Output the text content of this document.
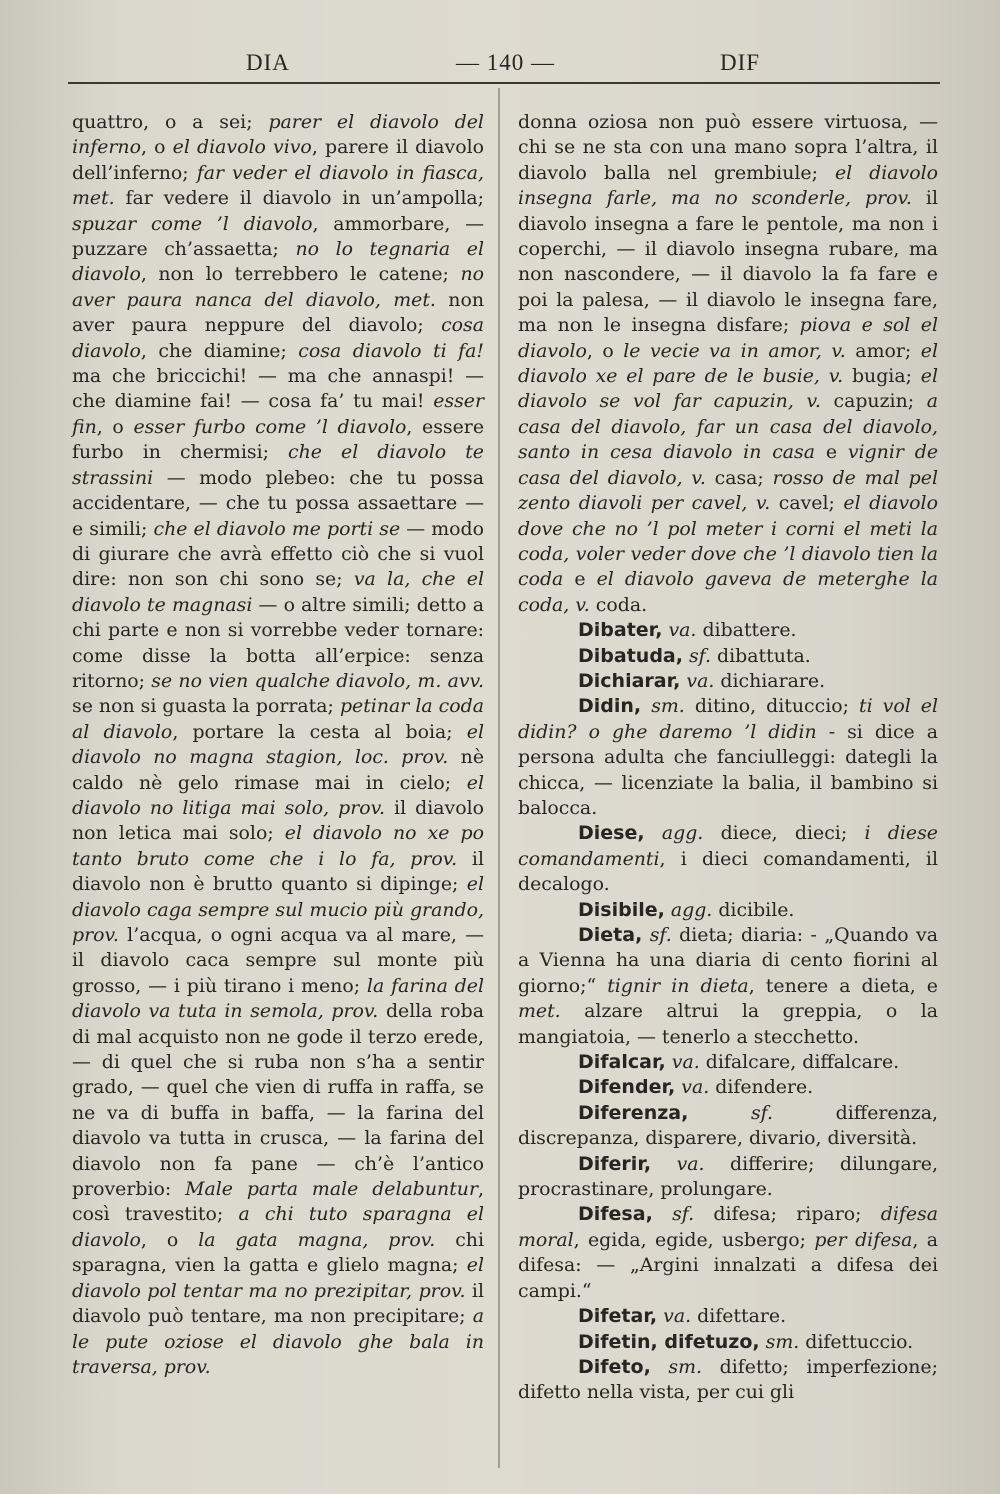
DIA	— 140 —	DIF

quattro, o a sei; parer el diavolo del inferno, o el diavolo vivo, parere il diavolo dell’inferno; far veder el diavolo in fiasca, met. far vedere il diavolo in un’ampolla; spuzar come ’l diavolo, ammorbare, — puzzare ch’assaetta; no lo tegnaria el diavolo, non lo terrebbero le catene; no aver paura nanca del diavolo, met. non aver paura neppure del diavolo; cosa diavolo, che diamine; cosa diavolo ti fa! ma che briccichi! — ma che annaspi! — che diamine fai! — cosa fa’ tu mai! esser fin, o esser furbo come ’l diavolo, essere furbo in chermisi; che el diavolo te strassini — modo plebeo: che tu possa accidentare, — che tu possa assaettare — e simili; che el diavolo me porti se — modo di giurare che avrà effetto ciò che si vuol dire: non son chi sono se; va la, che el diavolo te magnasi — o altre simili; detto a chi parte e non si vorrebbe veder tornare: come disse la botta all’erpice: senza ritorno; se no vien qualche diavolo, m. avv. se non si guasta la porrata; petinar la coda al diavolo, portare la cesta al boia; el diavolo no magna stagion, loc. prov. nè caldo nè gelo rimase mai in cielo; el diavolo no litiga mai solo, prov. il diavolo non letica mai solo; el diavolo no xe po tanto bruto come che i lo fa, prov. il diavolo non è brutto quanto si dipinge; el diavolo caga sempre sul mucio più grando, prov. l’acqua, o ogni acqua va al mare, — il diavolo caca sempre sul monte più grosso, — i più tirano i meno; la farina del diavolo va tuta in semola, prov. della roba di mal acquisto non ne gode il terzo erede, — di quel che si ruba non s’ha a sentir grado, — quel che vien di ruffa in raffa, se ne va di buffa in baffa, — la farina del diavolo va tutta in crusca, — la farina del diavolo non fa pane — ch’è l’antico proverbio: Male parta male delabuntur, così travestito; a chi tuto sparagna el diavolo, o la gata magna, prov. chi sparagna, vien la gatta e glielo magna; el diavolo pol tentar ma no prezipitar, prov. il diavolo può tentare, ma non precipitare; a le pute oziose el diavolo ghe bala in traversa, prov.

donna oziosa non può essere virtuosa, — chi se ne sta con una mano sopra l’altra, il diavolo balla nel grembiule; el diavolo insegna farle, ma no sconderle, prov. il diavolo insegna a fare le pentole, ma non i coperchi, — il diavolo insegna rubare, ma non nascondere, — il diavolo la fa fare e poi la palesa, — il diavolo le insegna fare, ma non le insegna disfare; piova e sol el diavolo, o le vecie va in amor, v. amor; el diavolo xe el pare de le busie, v. bugia; el diavolo se vol far capuzin, v. capuzin; a casa del diavolo, far un casa del diavolo, santo in cesa diavolo in casa e vignir de casa del diavolo, v. casa; rosso de mal pel zento diavoli per cavel, v. cavel; el diavolo dove che no ’l pol meter i corni el meti la coda, voler veder dove che ’l diavolo tien la coda e el diavolo gaveva de meterghe la coda, v. coda.

Dibater, va. dibattere.

Dibatuda, sf. dibattuta.

Dichiarar, va. dichiarare.

Didin, sm. ditino, dituccio; ti vol el didin? o ghe daremo ’l didin - si dice a persona adulta che fanciulleggi: dategli la chicca, — licenziate la balia, il bambino si balocca.

Diese, agg. diece, dieci; i diese comandamenti, i dieci comandamenti, il decalogo.

Disibile, agg. dicibile.

Dieta, sf. dieta; diaria: - „Quando va a Vienna ha una diaria di cento fiorini al giorno;“ tignir in dieta, tenere a dieta, e met. alzare altrui la greppia, o la mangiatoia, — tenerlo a stecchetto.

Difalcar, va. difalcare, diffalcare.

Difender, va. difendere.

Diferenza,	sf. differenza, discrepanza, disparere, divario, diversità.

Diferir, va. differire; dilungare, procrastinare, prolungare.

Difesa, sf. difesa; riparo; difesa moral, egida, egide, usbergo; per difesa, a difesa: — „Argini innalzati a difesa dei campi.“

Difetar, va. difettare.

Difetin, difetuzo, sm. difettuccio.

Difeto, sm. difetto; imperfezione; difetto nella vista, per cui gli
